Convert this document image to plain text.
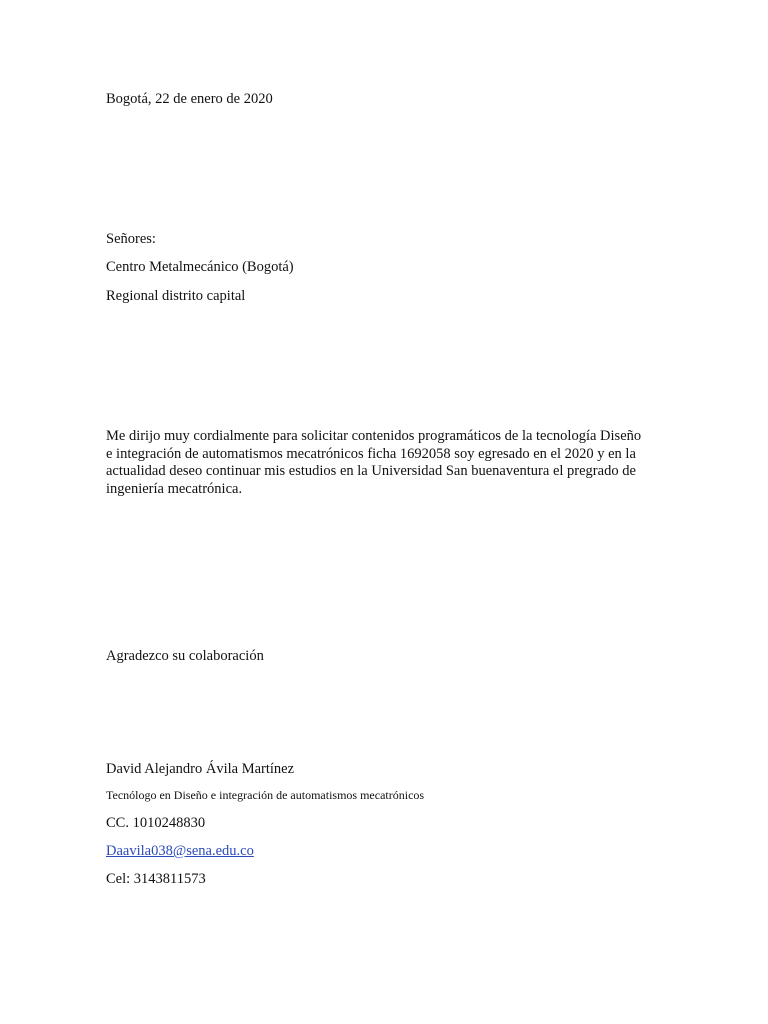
Bogotá, 22 de enero de 2020

Señores:

Centro Metalmecánico (Bogotá)

Regional distrito capital

Me dirijo muy cordialmente para solicitar contenidos programáticos de la tecnología Diseño e integración de automatismos mecatrónicos ficha 1692058 soy egresado en el 2020 y en la actualidad deseo continuar mis estudios en la Universidad San buenaventura el pregrado de ingeniería mecatrónica.

Agradezco su colaboración

David Alejandro Ávila Martínez

Tecnólogo en Diseño e integración de automatismos mecatrónicos

CC. 1010248830

Daavila038@sena.edu.co

Cel: 3143811573
